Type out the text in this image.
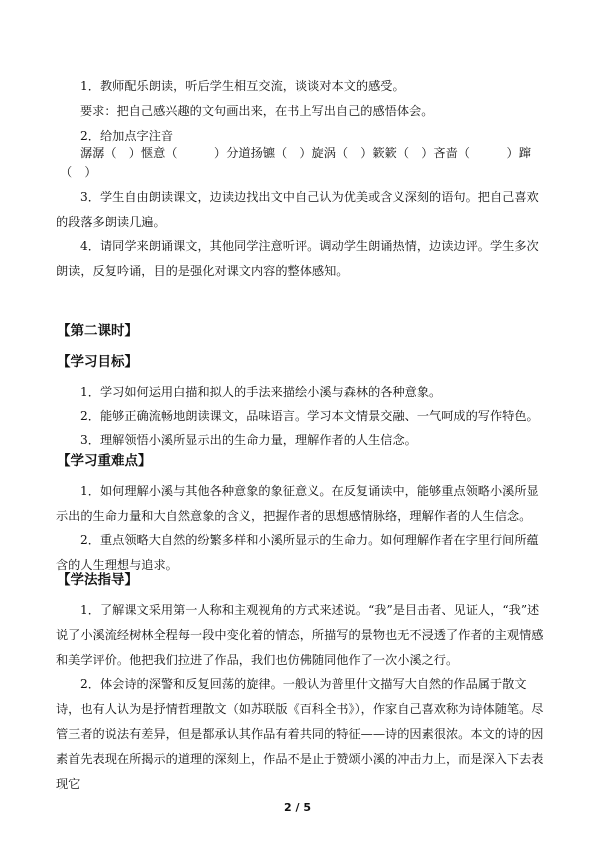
1．教师配乐朗读，听后学生相互交流，谈谈对本文的感受。

要求：把自己感兴趣的文句画出来，在书上写出自己的感悟体会。

2．给加点字注音

潺潺（　）惬意（　　　）分道扬镳（　）旋涡（　）簌簌（　）吝啬（　　　）蹿

（　）

3．学生自由朗读课文，边读边找出文中自己认为优美或含义深刻的语句。把自己喜欢的段落多朗读几遍。

4．请同学来朗诵课文，其他同学注意听评。调动学生朗诵热情，边读边评。学生多次朗读，反复吟诵，目的是强化对课文内容的整体感知。

【第二课时】
【学习目标】

1．学习如何运用白描和拟人的手法来描绘小溪与森林的各种意象。

2．能够正确流畅地朗读课文，品味语言。学习本文情景交融、一气呵成的写作特色。

3．理解领悟小溪所显示出的生命力量，理解作者的人生信念。

【学习重难点】

1．如何理解小溪与其他各种意象的象征意义。在反复诵读中，能够重点领略小溪所显示出的生命力量和大自然意象的含义，把握作者的思想感情脉络，理解作者的人生信念。

2．重点领略大自然的纷繁多样和小溪所显示的生命力。如何理解作者在字里行间所蕴含的人生理想与追求。

【学法指导】

1．了解课文采用第一人称和主观视角的方式来述说。“我”是目击者、见证人，“我”述说了小溪流经树林全程每一段中变化着的情态，所描写的景物也无不浸透了作者的主观情感和美学评价。他把我们拉进了作品，我们也仿佛随同他作了一次小溪之行。

2．体会诗的深警和反复回荡的旋律。一般认为普里什文描写大自然的作品属于散文诗，也有人认为是抒情哲理散文（如苏联版《百科全书》），作家自己喜欢称为诗体随笔。尽管三者的说法有差异，但是都承认其作品有着共同的特征——诗的因素很浓。本文的诗的因素首先表现在所揭示的道理的深刻上，作品不是止于赞颂小溪的冲击力上，而是深入下去表现它

2 / 5
